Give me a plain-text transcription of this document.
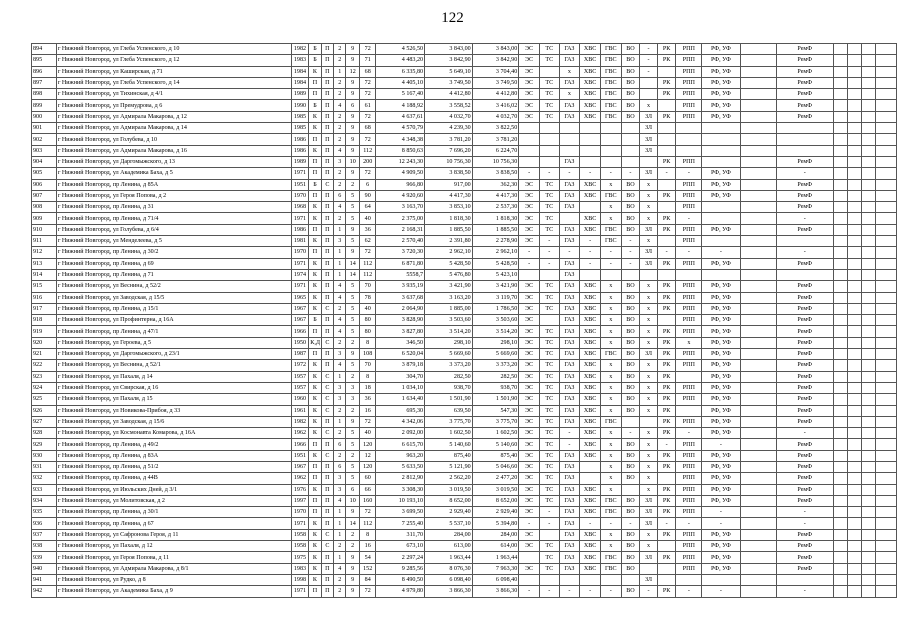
122
894	г Нижний Новгород, ул Глеба Успенского, д 10	1982	Б	П	2	9	72	4 526,50	3 843,00	3 843,00	ЭС	ТС	ГАЗ	ХВС	ГВС	ВО	-	РК	РПП	РФ, УФ		РемФ				
895	г Нижний Новгород, ул Глеба Успенского, д 12	1983	Б	П	2	9	71	4 483,20	3 842,90	3 842,90	ЭС	ТС	ГАЗ	ХВС	ГВС	ВО	-	РК	РПП	РФ, УФ		РемФ				
896	г Нижний Новгород, ул Каширская, д 71	1984	К	П	1	12	68	6 335,80	5 649,10	3 704,40	ЭС		х	ХВС	ГВС	ВО	-		РПП	РФ, УФ		РемФ				
897	г Нижний Новгород, ул Глеба Успенского, д 14	1984	П	П	2	9	72	4 405,10	3 749,50	3 749,50	ЭС	ТС	ГАЗ	ХВС	ГВС	ВО		РК	РПП	РФ, УФ		РемФ				
898	г Нижний Новгород, ул Тихинская, д 4/1	1989	П	П	2	9	72	5 167,40	4 412,80	4 412,80	ЭС	ТС	х	ХВС	ГВС	ВО		РК	РПП	РФ, УФ		РемФ				
899	г Нижний Новгород, ул Премудрова, д 6	1990	Б	П	4	6	61	4 188,92	3 558,52	3 416,02	ЭС	ТС	ГАЗ	ХВС	ГВС	ВО	х		РПП	РФ, УФ		РемФ				
900	г Нижний Новгород, ул Адмирала Макарова, д 12	1985	К	П	2	9	72	4 637,61	4 032,70	4 032,70	ЭС	ТС	ГАЗ	ХВС	ГВС	ВО	ЗЛ	РК	РПП	РФ, УФ		РемФ				
901	г Нижний Новгород, ул Адмирала Макарова, д 14	1985	К	П	2	9	68	4 570,79	4 239,30	3 822,50							ЗЛ									
902	г Нижний Новгород, ул Голубева, д 10	1986	П	П	2	9	72	4 348,38	3 781,20	3 781,20							ЗЛ									
903	г Нижний Новгород, ул Адмирала Макарова, д 16	1986	К	П	4	9	112	8 850,63	7 696,20	6 224,70							ЗЛ									
904	г Нижний Новгород, ул Даргомыжского, д 13	1989	П	П	3	10	200	12 243,30	10 756,30	10 756,30			ГАЗ					РК	РПП			РемФ				
905	г Нижний Новгород, ул Академика Баха, д 5	1971	П	П	2	9	72	4 909,50	3 838,50	3 838,50	-	-	-	-	-	-	ЗЛ	-	-	РФ, УФ		-				
906	г Нижний Новгород, пр Ленина, д 85А	1951	Б	С	2	2	6	966,80	917,00	362,30	ЭС	ТС	ГАЗ	ХВС	х	ВО	х		РПП	РФ, УФ		РемФ				
907	г Нижний Новгород, ул Героя Попова, д 2	1970	П	П	6	5	90	4 920,60	4 417,30	4 417,30	ЭС	ТС	ГАЗ	ХВС	ГВС	ВО	х	РК	РПП	РФ, УФ		РемФ				
908	г Нижний Новгород, пр Ленина, д 31	1968	К	П	4	5	64	3 163,70	3 853,10	2 537,30	ЭС	ТС	ГАЗ		х	ВО	х		РПП			РемФ				
909	г Нижний Новгород, пр Ленина, д 71/4	1971	К	П	2	5	40	2 375,00	1 818,30	1 818,30	ЭС	ТС		ХВС	х	ВО	х	РК	-			-				
910	г Нижний Новгород, ул Голубева, д 6/4	1986	П	П	1	9	36	2 168,31	1 885,50	1 885,50	ЭС	ТС	ГАЗ	ХВС	ГВС	ВО	ЗЛ	РК	РПП	РФ, УФ		РемФ				
911	г Нижний Новгород, ул Менделеева, д 5	1981	К	П	3	5	62	2 570,40	2 391,80	2 278,90	ЭС	-	ГАЗ	-	ГВС	-	х		РПП							
912	г Нижний Новгород, пр Ленина, д 30/2	1970	П	П	1	9	72	3 720,30	2 962,10	2 962,10	-	-	-	-	-	-	ЗЛ	-	-	-		-				
913	г Нижний Новгород, пр Ленина, д 69	1971	К	П	1	14	112	6 871,80	5 428,50	5 428,50	-	-	ГАЗ	-	-	-	ЗЛ	РК	РПП	РФ, УФ		РемФ				
914	г Нижний Новгород, пр Ленина, д 71	1974	К	П	1	14	112	5558,7	5 476,80	5 423,10			ГАЗ													
915	г Нижний Новгород, ул Веснина, д 52/2	1971	К	П	4	5	70	3 935,19	3 421,90	3 421,90	ЭС	ТС	ГАЗ	ХВС	х	ВО	х	РК	РПП	РФ, УФ		РемФ				
916	г Нижний Новгород, ул Заводская, д 15/5	1965	К	П	4	5	78	3 637,68	3 163,20	3 119,70	ЭС	ТС	ГАЗ	ХВС	х	ВО	х	РК	РПП	РФ, УФ		РемФ				
917	г Нижний Новгород, пр Ленина, д 15/1	1967	К	С	2	5	40	2 064,90	1 885,00	1 786,50	ЭС	ТС	ГАЗ	ХВС	х	ВО	х	РК	РПП	РФ, УФ		РемФ				
918	г Нижний Новгород, ул Профинтерна, д 16А	1967	Б	П	4	5	80	3 828,90	3 503,60	3 503,60	ЭС		ГАЗ	ХВС	х	ВО	х		РПП	РФ, УФ		РемФ				
919	г Нижний Новгород, пр Ленина, д 47/1	1966	П	П	4	5	80	3 827,80	3 514,20	3 514,20	ЭС	ТС	ГАЗ	ХВС	х	ВО	х	РК	РПП	РФ, УФ		РемФ				
920	г Нижний Новгород, ул Героева, д 5	1950	К,Д	С	2	2	8	346,50	298,10	298,10	ЭС	ТС	ГАЗ	ХВС	х	ВО	х	РК	х	РФ, УФ		РемФ				
921	г Нижний Новгород, ул Даргомыжского, д 23/1	1987	П	П	3	9	108	6 520,04	5 669,60	5 669,60	ЭС	ТС	ГАЗ	ХВС	ГВС	ВО	ЗЛ	РК	РПП	РФ, УФ		РемФ				
922	г Нижний Новгород, ул Веснина, д 52/1	1972	К	П	4	5	70	3 879,18	3 373,20	3 373,20	ЭС	ТС	ГАЗ	ХВС	х	ВО	х	РК	РПП	РФ, УФ		РемФ				
923	г Нижний Новгород, ул Пахаля, д 14	1957	К	С	1	2	8	304,70	282,50	282,50	ЭС	ТС	ГАЗ	ХВС	х	ВО	х	РК		РФ, УФ		РемФ				
924	г Нижний Новгород, ул Свирская, д 16	1957	К	С	3	3	18	1 034,10	938,70	938,70	ЭС	ТС	ГАЗ	ХВС	х	ВО	х	РК	РПП	РФ, УФ		РемФ				
925	г Нижний Новгород, ул Пахаля, д 15	1960	К	С	3	3	36	1 634,40	1 501,90	1 501,90	ЭС	ТС	ГАЗ	ХВС	х	ВО	х	РК	РПП	РФ, УФ		РемФ				
926	г Нижний Новгород, ул Новикова-Прибоя, д 33	1961	К	С	2	2	16	695,30	639,50	547,30	ЭС	ТС	ГАЗ	ХВС	х	ВО	х	РК		РФ, УФ		РемФ				
927	г Нижний Новгород, ул Заводская, д 15/6	1982	К	П	1	9	72	4 342,06	3 775,70	3 775,70	ЭС	ТС	ГАЗ	ХВС	ГВС			РК	РПП	РФ, УФ		РемФ				
928	г Нижний Новгород, ул Космонавта Комарова, д 16А	1962	К	С	2	5	40	2 092,00	1 602,50	1 602,50	ЭС	ТС	-	ХВС	х	-	х	РК	-	РФ, УФ		-				
929	г Нижний Новгород, пр Ленина, д 49/2	1966	П	П	6	5	120	6 615,70	5 140,60	5 140,60	ЭС	ТС	-	ХВС	х	ВО	х	-	РПП	-		РемФ				
930	г Нижний Новгород, пр Ленина, д 83А	1951	К	С	2	2	12	963,20	875,40	875,40	ЭС	ТС	ГАЗ	ХВС	х	ВО	х	РК	РПП	РФ, УФ		РемФ				
931	г Нижний Новгород, пр Ленина, д 51/2	1967	П	П	6	5	120	5 633,50	5 121,90	5 046,60	ЭС	ТС	ГАЗ		х	ВО	х	РК	РПП	РФ, УФ		РемФ				
932	г Нижний Новгород, пр Ленина, д 44В	1962	П	П	3	5	60	2 812,90	2 562,20	2 477,20	ЭС	ТС	ГАЗ		х	ВО	х		РПП	РФ, УФ		РемФ				
933	г Нижний Новгород, ул Июльских Дней, д 3/1	1976	К	П	3	6	66	3 308,30	3 019,50	3 019,50	ЭС	ТС	ГАЗ	ХВС	х		х	РК	РПП	РФ, УФ		РемФ				
934	г Нижний Новгород, ул Молитовская, д 2	1997	П	П	4	10	160	10 193,10	8 652,00	8 652,00	ЭС	ТС	ГАЗ	ХВС	ГВС	ВО	ЗЛ	РК	РПП	РФ, УФ		РемФ				
935	г Нижний Новгород, пр Ленина, д 30/1	1970	П	П	1	9	72	3 699,50	2 929,40	2 929,40	ЭС	-	ГАЗ	ХВС	ГВС	ВО	ЗЛ	РК	РПП	-		-				
936	г Нижний Новгород, пр Ленина, д 67	1971	К	П	1	14	112	7 255,40	5 537,10	5 394,80	-	-	ГАЗ	-	-	-	ЗЛ	-	-	-		-				
937	г Нижний Новгород, ул Сафронова Героя, д 11	1958	К	С	1	2	8	311,70	284,00	284,00	ЭС		ГАЗ	ХВС	х	ВО	х	РК	РПП	РФ, УФ		РемФ				
938	г Нижний Новгород, ул Пахаля, д 12	1958	К	С	2	2	16	673,10	613,00	614,00	ЭС	ТС	ГАЗ	ХВС	х	ВО	х		РПП	РФ, УФ		РемФ				
939	г Нижний Новгород, ул Героя Попова, д 11	1975	К	П	1	9	54	2 297,24	1 963,44	1 963,44		ТС	ГАЗ	ХВС	ГВС	ВО	ЗЛ	РК	РПП	РФ, УФ		РемФ				
940	г Нижний Новгород, ул Адмирала Макарова, д 8/1	1983	К	П	4	9	152	9 285,56	8 076,30	7 963,30	ЭС	ТС	ГАЗ	ХВС	ГВС	ВО			РПП	РФ, УФ		РемФ				
941	г Нижний Новгород, ул Рудко, д 8	1998	К	П	2	9	84	8 490,50	6 098,40	6 098,40							ЗЛ									
942	г Нижний Новгород, ул Академика Баха, д 9	1971	П	П	2	9	72	4 979,80	3 866,30	3 866,30	-	-	-	-	-	ВО	-	РК	-	-		-				
